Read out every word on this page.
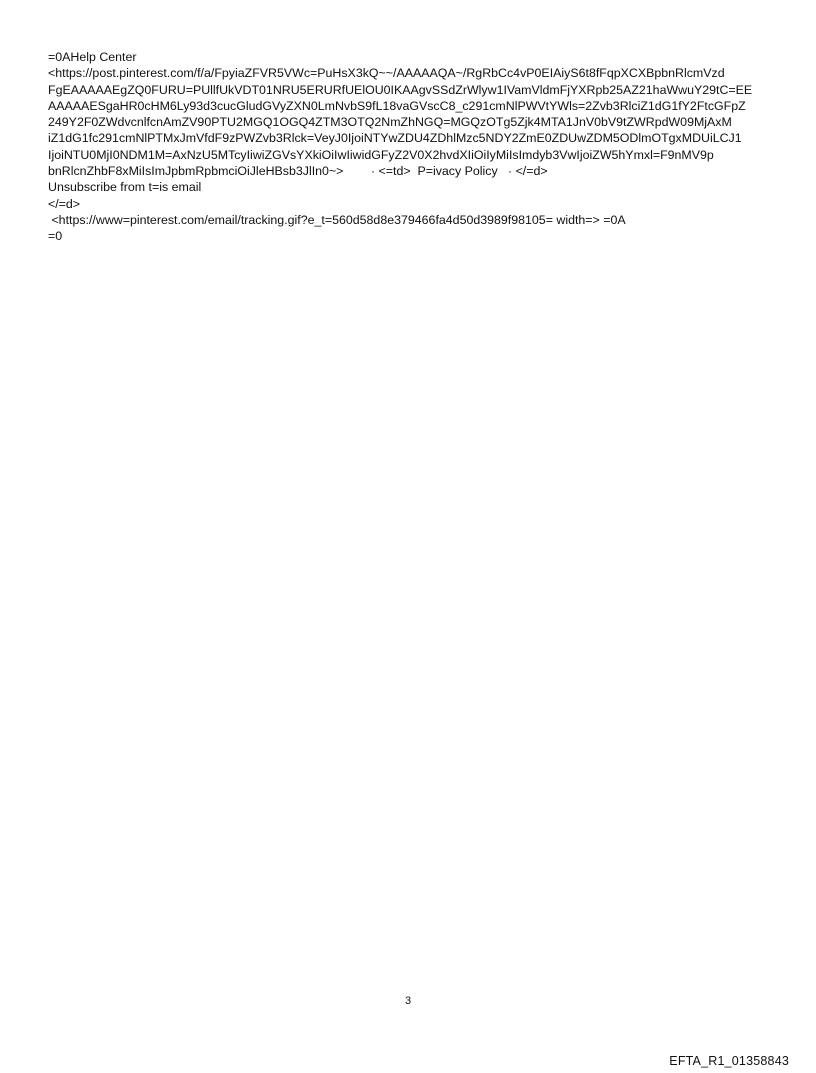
=0AHelp Center
<https://post.pinterest.com/f/a/FpyiaZFVR5VWc=PuHsX3kQ~~/AAAAAQA~/RgRbCc4vP0EIAiyS6t8fFqpXCXBpbnRlcmVzd
FgEAAAAAEgZQ0FURU=PUllfUkVDT01NRU5ERURfUElOU0IKAAgvSSdZrWlyw1IVamVldmFjYXRpb25AZ21haWwuY29tC=EE
AAAAAESgaHR0cHM6Ly93d3cucGludGVyZXN0LmNvbS9fL18vaGVscC8_c291cmNlPWVtYWls=2Zvb3RlciZ1dG1fY2FtcGFpZ
249Y2F0ZWdvcnlfcnAmZV90PTU2MGQ1OGQ4ZTM3OTQ2NmZhNGQ=MGQzOTg5Zjk4MTA1JnV0bV9tZWRpdW09MjAxM
iZ1dG1fc291cmNlPTMxJmVfdF9zPWZvb3Rlck=VeyJ0IjoiNTYwZDU4ZDhlMzc5NDY2ZmE0ZDUwZDM5ODlmOTgxMDUiLCJ1
IjoiNTU0MjI0NDM1M=AxNzU5MTcyIiwiZGVsYXkiOiIwIiwidGFyZ2V0X2hvdXIiOiIyMiIsImdyb3VwIjoiZW5hYmxl=F9nMV9p
bnRlcnZhbF8xMiIsImJpbmRpbmciOiJleHBsb3JlIn0~>        · <=td>  P=ivacy Policy   · </=d>
Unsubscribe from t=is email
</=d>
<https://www=pinterest.com/email/tracking.gif?e_t=560d58d8e379466fa4d50d3989f98105= width=> =0A
=0
3
EFTA_R1_01358843
